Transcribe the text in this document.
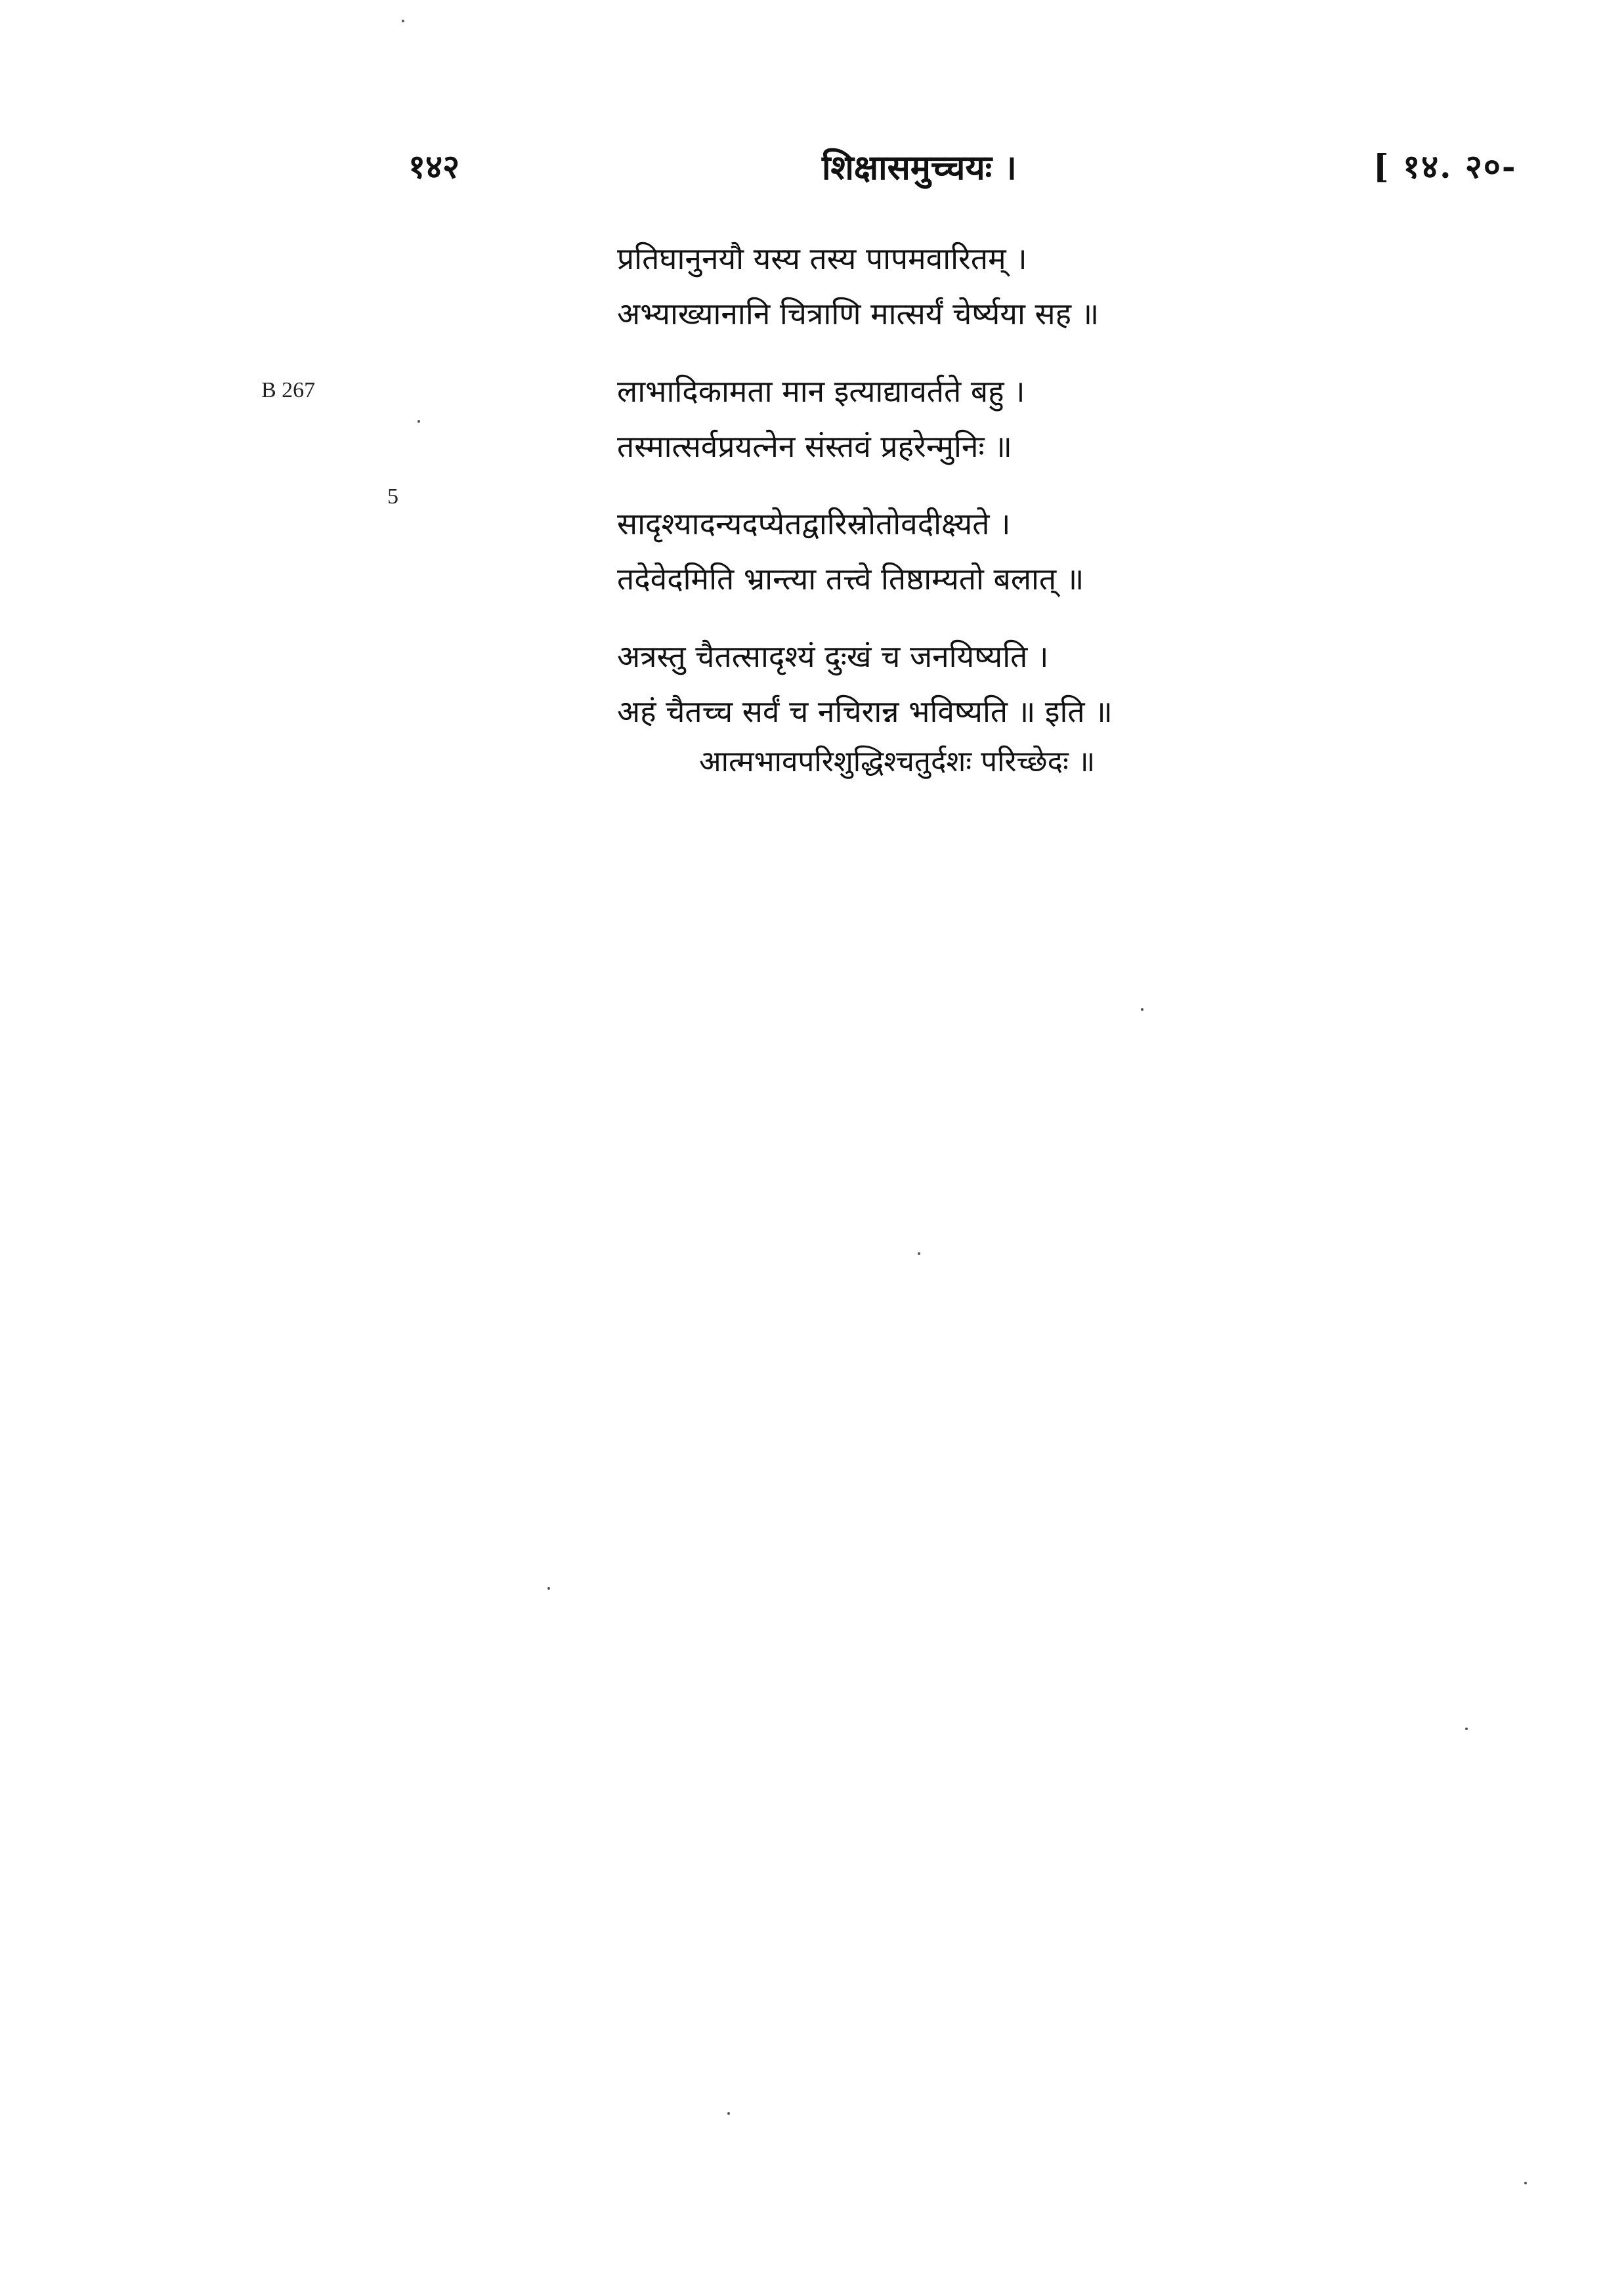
१४२	शिक्षासमुच्चयः ।	[ १४. २०-
B 267
5
प्रतिघानुनयौ यस्य तस्य पापमवारितम् ।
अभ्याख्यानानि चित्राणि मात्सर्यं चेर्ष्यया सह ॥
लाभादिकामता मान इत्याद्यावर्तते बहु ।
तस्मात्सर्वप्रयत्नेन संस्तवं प्रहरेन्मुनिः ॥
सादृश्यादन्यदप्येतद्वारिस्रोतोवदीक्ष्यते ।
तदेवेदमिति भ्रान्त्या तत्त्वे तिष्ठाम्यतो बलात् ॥
अत्रस्तु चैतत्सादृश्यं दुःखं च जनयिष्यति ।
अहं चैतच्च सर्वं च नचिरान्न भविष्यति ॥ इति ॥
आत्मभावपरिशुद्धिश्चतुर्दशः परिच्छेदः ॥
